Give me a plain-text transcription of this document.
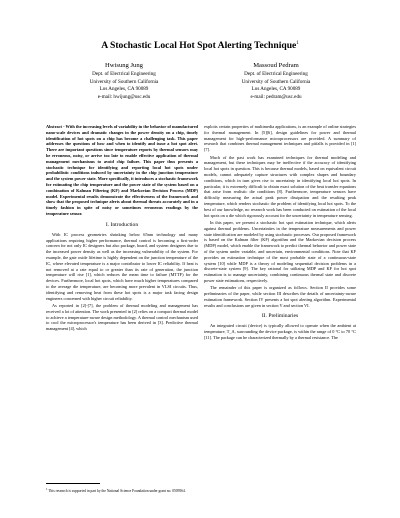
A Stochastic Local Hot Spot Alerting Technique$^1$
Hwisung Jung
Dept. of Electrical Engineering
University of Southern California
Los Angeles, CA 90089
e-mail: hwijung@usc.edu
Massoud Pedram
Dept. of Electrical Engineering
University of Southern California
Los Angeles, CA 90089
e-mail: pedram@usc.edu

Abstract - With the increasing levels of variability in the behavior of manufactured nano-scale devices and dramatic changes in the power density on a chip, timely identification of hot spots on a chip has become a challenging task. This paper addresses the questions of how and when to identify and issue a hot spot alert. There are important questions since temperature reports by thermal sensors may be erroneous, noisy, or arrive too late to enable effective application of thermal management mechanisms to avoid chip failure. This paper thus presents a stochastic technique for identifying and reporting local hot spots under probabilistic conditions induced by uncertainty in the chip junction temperature and the system power state. More specifically, it introduces a stochastic framework for estimating the chip temperature and the power state of the system based on a combination of Kalman Filtering (KF) and Markovian Decision Process (MDP) model. Experimental results demonstrate the effectiveness of the framework and show that the proposed technique alerts about thermal threats accurately and in a timely fashion in spite of noisy or sometimes erroneous readings by the temperature sensor.

I. Introduction

With IC process geometries shrinking below 65nm technology and many applications requiring higher performance, thermal control is becoming a first-order concern for not only IC designers but also package, board, and system designers due to the increased power density as well as the increasing vulnerability of the system. For example, the gate oxide lifetime is highly dependent on the junction temperature of the IC, where elevated temperature is a major contributor to lower IC reliability. If heat is not removed at a rate equal to or greater than its rate of generation, the junction temperature will rise [1], which reduces the mean time to failure (MTTF) for the devices. Furthermore, local hot spots, which have much higher temperatures compared to the average die temperature, are becoming more prevalent in VLSI circuits. Thus, identifying and removing heat from these hot spots is a major task facing design engineers concerned with higher circuit reliability.

As reported in [2]-[7], the problem of thermal modeling and management has received a lot of attention. The work presented in [2] relies on a compact thermal model to achieve a temperature-aware design methodology. A thermal control mechanism used to cool the microprocessor's temperature has been derived in [3]. Predictive thermal management [4], which

exploits certain properties of multimedia applications, is an example of online strategies for thermal management. In [5][6], design guidelines for power and thermal management for high-performance microprocessors are provided. A summary of research that combines thermal management techniques and pitfalls is provided in [1][7].

Much of the past work has examined techniques for thermal modeling and management, but these techniques may be ineffective if the accuracy of identifying local hot spots in question. This is because thermal models, based on equivalent circuit models, cannot adequately capture structures with complex shapes and boundary conditions, which in turn gives rise to uncertainty in identifying local hot spots. In particular, it is extremely difficult to obtain exact solution of the heat transfer equations that arise from realistic die conditions [8]. Furthermore, temperature sensors have difficulty measuring the actual peak power dissipation and the resulting peak temperature, which renders stochastic the problem of identifying local hot spots. To the best of our knowledge, no research work has been conducted on estimation of the local hot spots on a die which rigorously account for the uncertainty in temperature sensing.

In this paper, we present a stochastic hot spot estimation technique, which alerts against thermal problems. Uncertainties in the temperature measurements and power state identification are modeled by using stochastic processes. Our proposed framework is based on the Kalman filter (KF) algorithm and the Markovian decision process (MDP) model, which enable the framework to predict thermal behavior and power state of the system under variable, and uncertain, environmental conditions. Note that KF provides an estimation technique of the most probable state of a continuous-state system [10] while MDP is a theory of modeling sequential decision problems in a discrete-state system [9]. The key rational for utilizing MDP and KF for hot spot estimation is to manage uncertainty, combining continuous thermal state and discrete power state estimations, respectively.

The remainder of this paper is organized as follows. Section II provides some preliminaries of the paper, while section III describes the details of uncertainty-aware estimation framework. Section IV presents a hot spot alerting algorithm. Experimental results and conclusions are given in section V and section VI.

II. Preliminaries

An integrated circuit (device) is typically allowed to operate when the ambient at temperature, T_A, surrounding the device package, is within the range of 0 °C to 70 °C [11]. The package can be characterized thermally by a thermal resistance. The

$^1$ This research is supported in part by the National Science Foundation under grant no. 0509564.
